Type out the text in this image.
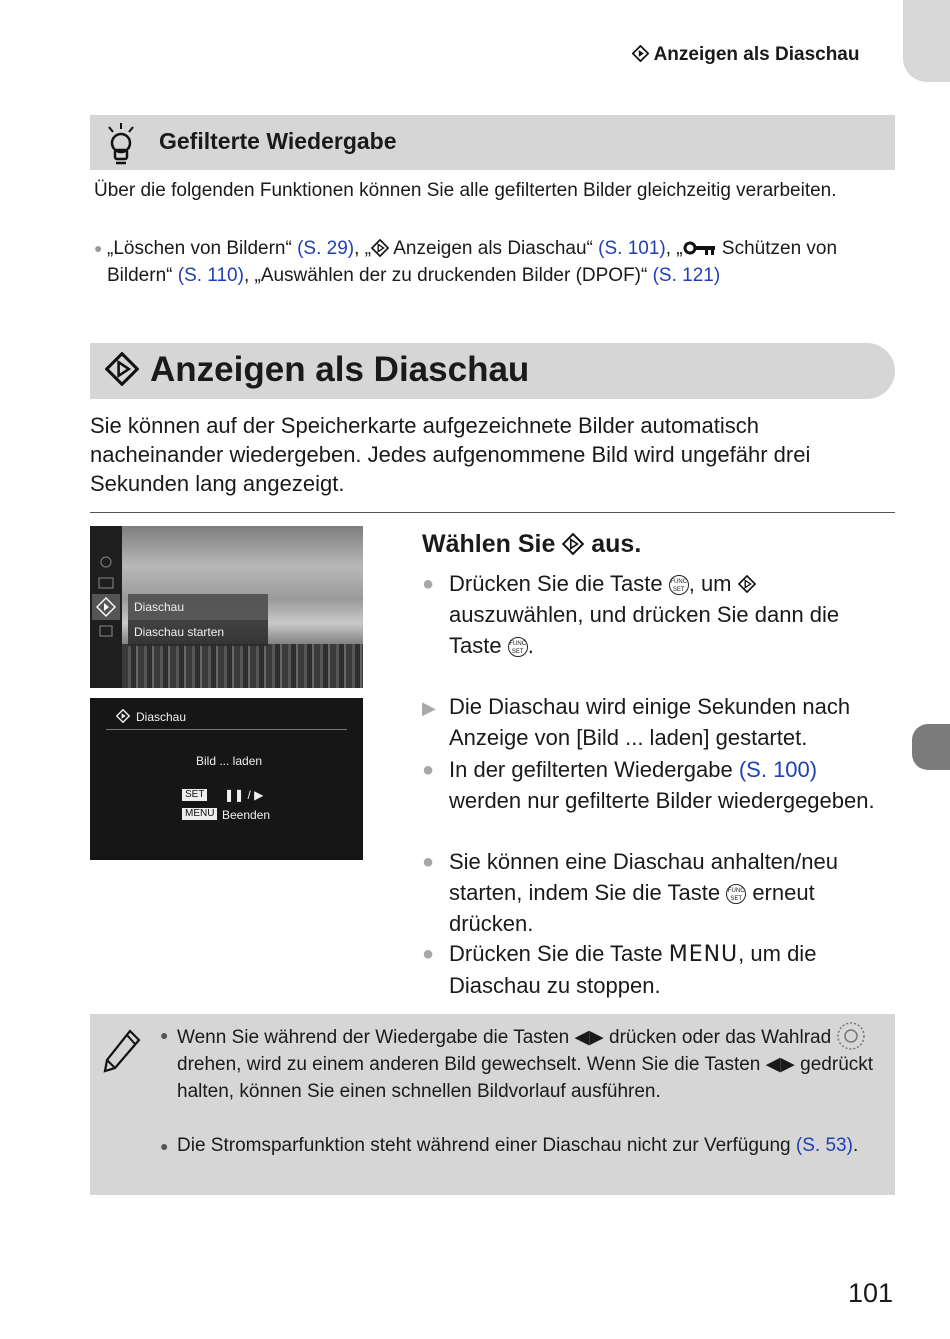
Anzeigen als Diaschau
Gefilterte Wiedergabe
Über die folgenden Funktionen können Sie alle gefilterten Bilder gleichzeitig verarbeiten.
● „Löschen von Bildern“ (S. 29), „ Anzeigen als Diaschau“ (S. 101), „ Schützen von Bildern“ (S. 110), „Auswählen der zu druckenden Bilder (DPOF)“ (S. 121)
Anzeigen als Diaschau
Sie können auf der Speicherkarte aufgezeichnete Bilder automatisch nacheinander wiedergeben. Jedes aufgenommene Bild wird ungefähr drei Sekunden lang angezeigt.
Diaschau
Diaschau starten
Diaschau
Bild ... laden
SET ❚❚ / ▶
MENU Beenden
Wählen Sie  aus.
● Drücken Sie die Taste FUNC
SET , um  auszuwählen, und drücken Sie dann die Taste FUNC
SET .
▶ Die Diaschau wird einige Sekunden nach Anzeige von [Bild ... laden] gestartet.
● In der gefilterten Wiedergabe (S. 100) werden nur gefilterte Bilder wiedergegeben.
● Sie können eine Diaschau anhalten/neu starten, indem Sie die Taste FUNC
SET erneut drücken.
● Drücken Sie die Taste MENU, um die Diaschau zu stoppen.
● Wenn Sie während der Wiedergabe die Tasten ◀▶ drücken oder das Wahlrad  drehen, wird zu einem anderen Bild gewechselt. Wenn Sie die Tasten ◀▶ gedrückt halten, können Sie einen schnellen Bildvorlauf ausführen.
● Die Stromsparfunktion steht während einer Diaschau nicht zur Verfügung (S. 53).
101
